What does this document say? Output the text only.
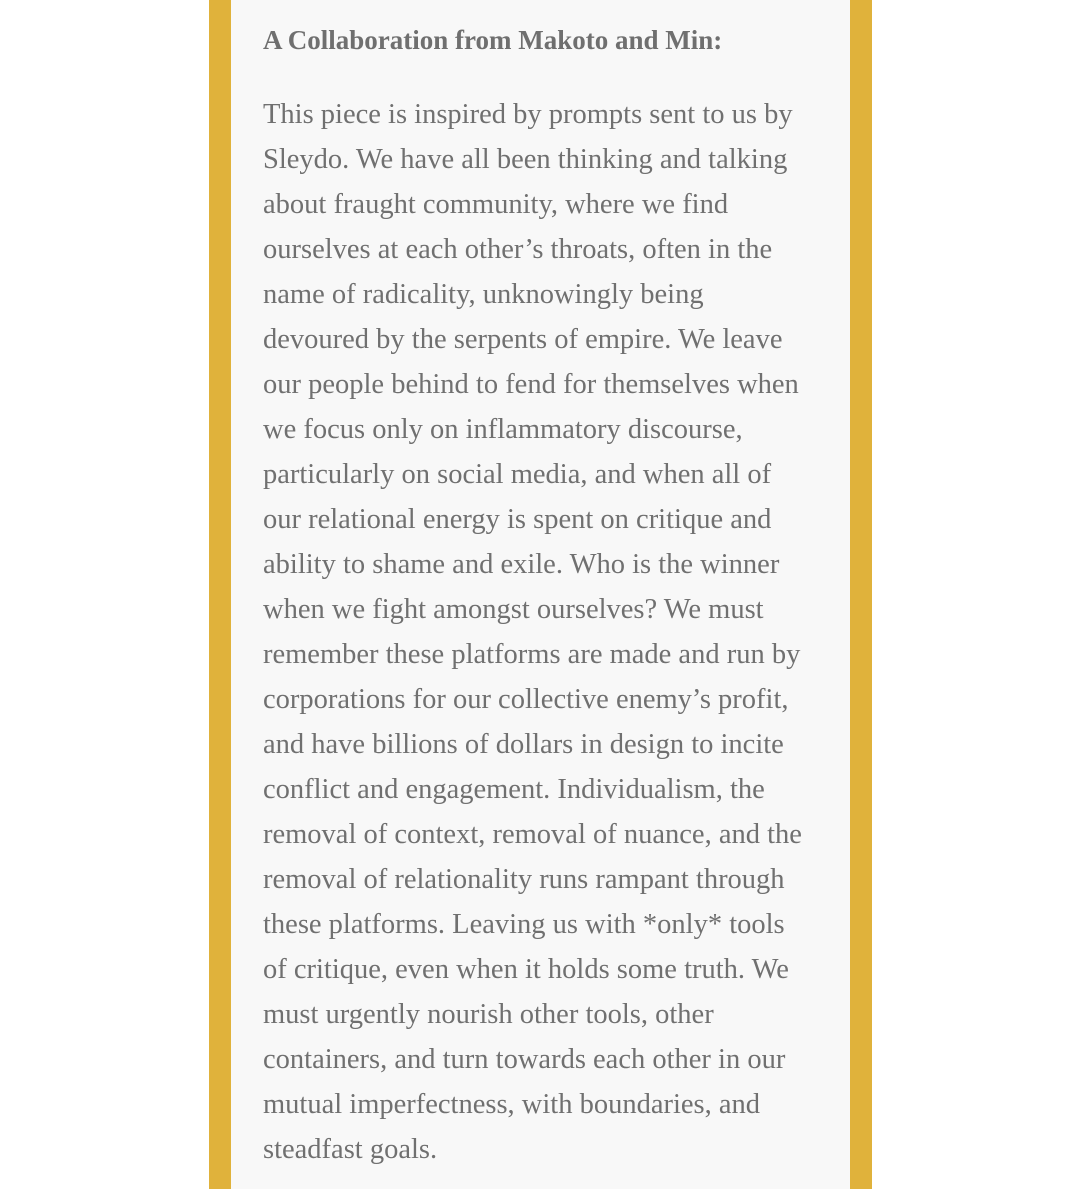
A Collaboration from Makoto and Min:
This piece is inspired by prompts sent to us by
Sleydo. We have all been thinking and talking
about fraught community, where we find
ourselves at each other’s throats, often in the
name of radicality, unknowingly being
devoured by the serpents of empire. We leave
our people behind to fend for themselves when
we focus only on inflammatory discourse,
particularly on social media, and when all of
our relational energy is spent on critique and
ability to shame and exile. Who is the winner
when we fight amongst ourselves? We must
remember these platforms are made and run by
corporations for our collective enemy’s profit,
and have billions of dollars in design to incite
conflict and engagement. Individualism, the
removal of context, removal of nuance, and the
removal of relationality runs rampant through
these platforms. Leaving us with *only* tools
of critique, even when it holds some truth. We
must urgently nourish other tools, other
containers, and turn towards each other in our
mutual imperfectness, with boundaries, and
steadfast goals.
